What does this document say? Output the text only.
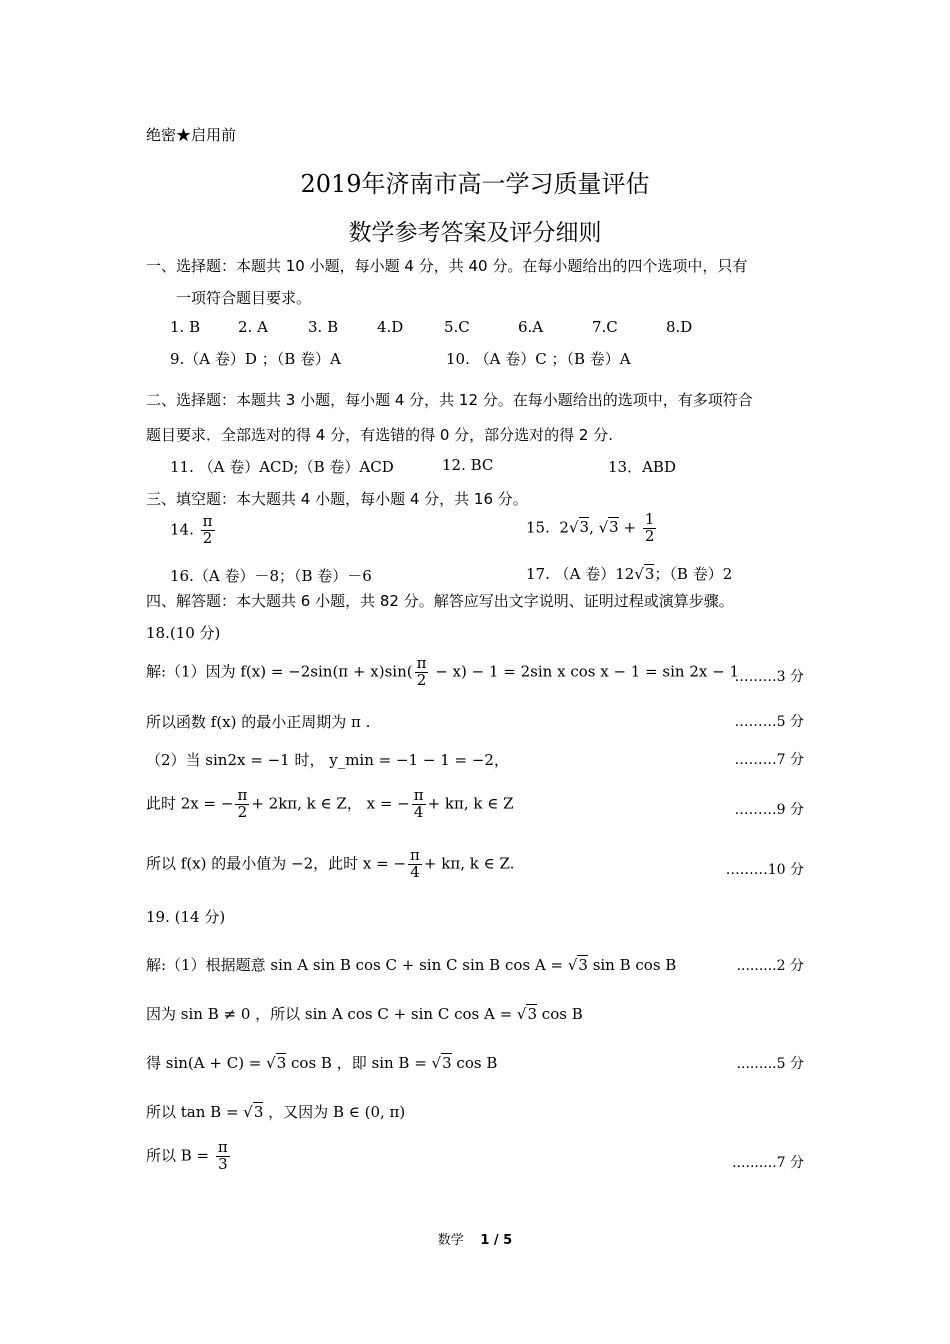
绝密★启用前
2019年济南市高一学习质量评估
数学参考答案及评分细则
一、选择题：本题共 10 小题，每小题 4 分，共 40 分。在每小题给出的四个选项中，只有
一项符合题目要求。
1. B	2. A	3. B	4.D	5.C	6.A	7.C	8.D
9.（A 卷）D ；（B 卷）A	10. （A 卷）C ；（B 卷）A
二、选择题：本题共 3 小题，每小题 4 分，共 12 分。在每小题给出的选项中，有多项符合
题目要求．全部选对的得 4 分，有选错的得 0 分，部分选对的得 2 分.
11. （A 卷）ACD;（B 卷）ACD	12. BC	13．ABD
三、填空题：本大题共 4 小题，每小题 4 分，共 16 分。
14. $\frac{\pi}{2}$	15. 2√3, $√3 + \frac{1}{2}$
16.（A 卷）－8；（B 卷）－6	17. （A 卷）12√3；（B 卷）2
四、解答题：本大题共 6 小题，共 82 分。解答应写出文字说明、证明过程或演算步骤。
18.(10 分)
解:（1）因为 $f(x) = -2\sin(\pi + x)\sin( \frac{\pi}{2} - x) - 1 = 2\sin$ x cos x − 1 = sin 2x − 1
………3 分
所以函数 f(x) 的最小正周期为 π .	………5 分
（2）当 sin2x = −1 时， y_min = −1 − 1 = −2，	………7 分
此时 2x = − $\frac{\pi}{2} + 2k\pi$, k ∈ Z， x = − $\frac{\pi}{4} + k\pi$, k ∈ Z	………9 分
所以 f(x) 的最小值为 −2，此时 x = − $\frac{\pi}{4} + k\pi$, k ∈ Z.	………10 分
19. (14 分)
解:（1）根据题意 sin A sin B cos C + sin C sin B cos A = √3 sin B cos B	.........2 分
因为 sin B ≠ 0 ，所以 sin A cos C + sin C cos A = √3 cos B
得 sin(A + C) = √3 cos B ，即 sin B = √3 cos B	.........5 分
所以 tan B = √3 ，又因为 B ∈ (0, π)
所以 $B = \frac{\pi}{3}$	..........7 分
数学 1 / 5
